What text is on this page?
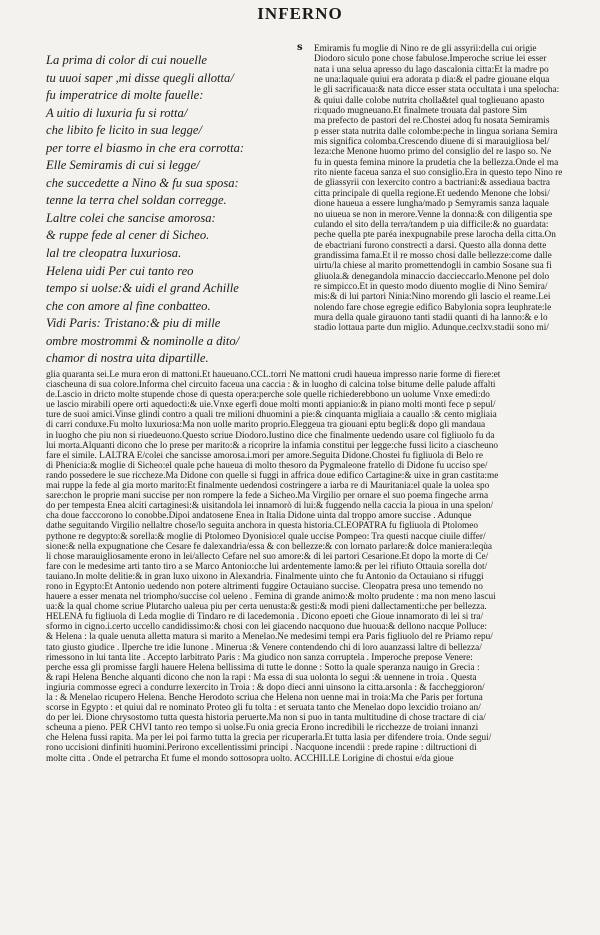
INFERNO
s
La prima di color di cui nouelle
tu uuoi saper ,mi disse quegli allotta/
fu imperatrice di molte fauelle:
A uitio di luxuria fu si rotta/
che libito fe licito in sua legge/
per torre el biasmo in che era corrotta:
Elle Semiramis di cui si legge/
che succedette a Nino & fu sua sposa:
tenne la terra chel soldan corregge.
Laltre colei che sancise amorosa:
& ruppe fede al cener di Sicheo.
lal tre cleopatra luxuriosa.
Helena uidi Per cui tanto reo
tempo si uolse:& uidi el grand Achille
che con amore al fine conbatteo.
Vidi Paris: Tristano:& piu di mille
ombre mostrommi & nominolle a dito/
chamor di nostra uita dipartille.
Emiramis fu moglie di Nino re de gli assyrii:della cui origie
Diodoro siculo pone chose fabulose.Imperoche scriue lei esser
nata i una selua apresso du lago dascalonia citta:Et la madre po
ne una:laquale quiui era adorata p dia:& el padre giouane elqua
le gli sacrificaua:& nata dicce esser stata occultata i una spelocha:
& quiui dalle colobe nutrita cholla&tel qual toglieuano apasto
ri:quado mugneuano.Et finalmete trouata dal pastore Sim
ma prefecto de pastori del re.Chostei adoq fu nosata Semiramis
p esser stata nutrita dalle colombe:peche in lingua soriana Semira
mis significa colomba.Crescendo diuene di si marauigliosa bel/
leza:che Menone huomo primo del consiglio del re laspo so. Ne
fu in questa femina minore la prudetia che la bellezza.Onde el ma
rito niente faceua sanza el suo consiglio.Era in questo tepo Nino re
de gliassyrii con lexercito contro a bactriani:& assediaua bactra
citta principale di quella regione.Et uedendo Menone che lobsi/
dione haueua a essere lungha/mado p Semyramis sanza laquale
no uiueua se non in merore.Venne la donna:& con diligentia spe
culando el sito della terra/tandem p uia difficile:& no guardata:
peche quella pte paréa inexpugnabile prese larocha della citta.On
de ebactriani furono constrecti a darsi. Questo alla donna dette
grandissima fama.Et il re mosso chosi dalle bellezze:come dalle
uirtu/la chiese al marito promettendogli in cambio Sosane sua fi
gliuola.& denegandola minaccio daccieccarlo.Menone pel dolo
re simpicco.Et in questo modo diuento moglie di Nino Semira/
mis:& di lui partori Ninia:Nino morendo gli lascio el reame.Lei
nolendo fare chose egregie edifico Babylonia sopra leuphrate:le
mura della quale girauono tanti stadii quanti di ha lanno:& e lo
stadio lottaua parte dun miglio. Adunque.ceclxv.stadii sono mi/
glia quaranta sei.Le mura eron di mattoni.Et haueuano.CCL.torri Ne mattoni crudi haueua impresso narie forme di fiere:et
ciascheuna di sua colore.Informa chel circuito faceua una caccia : & in luogho di calcina tolse bitume delle palude affalti
de.Lascio in dricto molte stupende chose di questa opera:perche sole quelle richiederebbono un uolume Vnxe emedi:do
ue lascio mirabili opere orti aquedocti:& uie.Vnxe egerfi doue molti monti appianio:& in piano molti monti fece p sepul/
ture de suoi amici.Vinse glindi contro a quali tre milioni dhuomini a pie:& cinquanta migliaia a cauallo :& cento migliaia
di carri conduxe.Fu molto luxuriosa:Ma non uolle marito proprio.Eleggeua tra giouani eptu begli:& dopo gli mandaua
in luogho che piu non si riuedeuono.Questo scriue Diodoro.Iustino dice che finalmente uedendo usare col figliuolo fu da
lui morta.Alquanti dicono che lo prese per marito:& a ricoprire la infamia constitui per legge:che fussi licito a ciascheuno
fare el simile. LALTRA E/colei che sancisse amorosa.i.mori per amore.Seguita Didone.Chostei fu figliuola di Belo re
di Phenicia:& moglie di Sicheo:el quale pche haueua di molto thesoro da Pygmaleone fratello di Didone fu ucciso spe/
rando possedere le sue riccheze.Ma Didone con quelle si fuggi in affrica doue edifico Cartagine:& uixe in gran castita:me
mai ruppe la fede al gia morto marito:Et finalmente uedendosi costringere a iarba re di Mauritania:el quale la uolea spo
sare:chon le proprie mani succise per non rompere la fede a Sicheo.Ma Virgilio per ornare el suo poema fingeche arrna
do per tempesta Enea alciti cartaginesi:& uisitandola lei innamorò di lui:& fuggendo nella caccia la pioua in una spelon/
cha doue facccorono lo conobbe.Dipoi andatosene Enea in Italia Didone uinta dal troppo amore succise . Adunque
dathe seguitando Virgilio nellaltre chose/lo seguita anchora in questa historia.CLEOPATRA fu figliuola di Ptolomeo
pythone re degypto:& sorella:& moglie di Ptolomeo Dyonisio:el quale uccise Pompeo: Tra questi nacque ciuile differ/
sione:& nella expugnatione che Cesare fe dalexandria/essa & con bellezze:& con lornato parlare:& dolce maniera:leqùa
li chose marauigliosamente erono in lei/allecto Cefare nel suo amore:& di lei partori Cesarione.Et dopo la morte di Ce/
fare con le medesime arti tanto tiro a se Marco Antonio:che lui ardentemente lamo:& per lei rifiuto Ottauia sorella dot/
tauiano.In molte delitie:& in gran luxo uixono in Alexandria. Finalmente uinto che fu Antonio da Octauiano si rifuggi
rono in Egypto:Et Antonio uedendo non potere altrimenti fuggire Octauiano succise. Cleopatra presa uno temendo no
hauere a esser menata nel triompho/succise col ueleno . Femina di grande animo:& molto prudente : ma non meno lascui
ua:& la qual chome scriue Plutarcho ualeua piu per certa uenusta:& gesti:& modi pieni dallectamenti:che per bellezza.
HELENA fu figliuola di Leda moglie di Tindaro re di lacedemonia . Dicono epoeti che Gioue innamorato di lei si tra/
sformo in cigno.i.certo uccello candidissimo:& chosi con lei giacendo nacquono due huoua:& dellono nacque Polluce:
& Helena : la quale uenuta alletta matura si marito a Menelao.Ne medesimi tempi era Paris figliuolo del re Priamo repu/
tato giusto giudice . Ilperche tre idie Iunone . Minerua :& Venere contendendo chi di loro auanzassi laltre di bellezza/
rimessono in lui tanta lite . Accepto larbitrato Paris : Ma giudico non sanza corruptela . Imperoche prepose Venere:
perche essa gli promisse fargli hauere Helena bellissima di tutte le donne : Sotto la quale speranza nauigo in Grecia :
& rapi Helena Benche alquanti dicono che non la rapi : Ma essa di sua uolonta lo segui :& uennene in troia . Questa
ingiuria commosse egreci a condurre lexercito in Troia : & dopo dieci anni uinsono la citta.arsonla : & faccheggioron/
la : & Menelao ricupero Helena. Benche Herodoto scriua che Helena non uenne mai in troia:Ma che Paris per fortuna
scorse in Egypto : et quiui dal re nominato Proteo gli fu tolta : et seruata tanto che Menelao dopo lexcidio troiano an/
do per lei. Dione chrysostomo tutta questa historia peruerte.Ma non si puo in tanta multitudine di chose tractare di cia/
scheuna a pieno. PER CHVI tanto reo tempo si uolse.Fu onia grecia Erono incredibili le ricchezze de troiani innanzi
che Helena fussi rapita. Ma per lei poi farmo tutta la grecia per ricuperarla.Et tutta lasia per difendere troia. Onde segui/
rono uccisioni dinfiniti huomini.Perirono excellentissimi principi . Nacquone incendii : prede rapine : diltructioni di
molte citta . Onde el petrarcha Et fume el mondo sottosopra uolto. ACCHILLE Lorigine di chostui e/da gioue
